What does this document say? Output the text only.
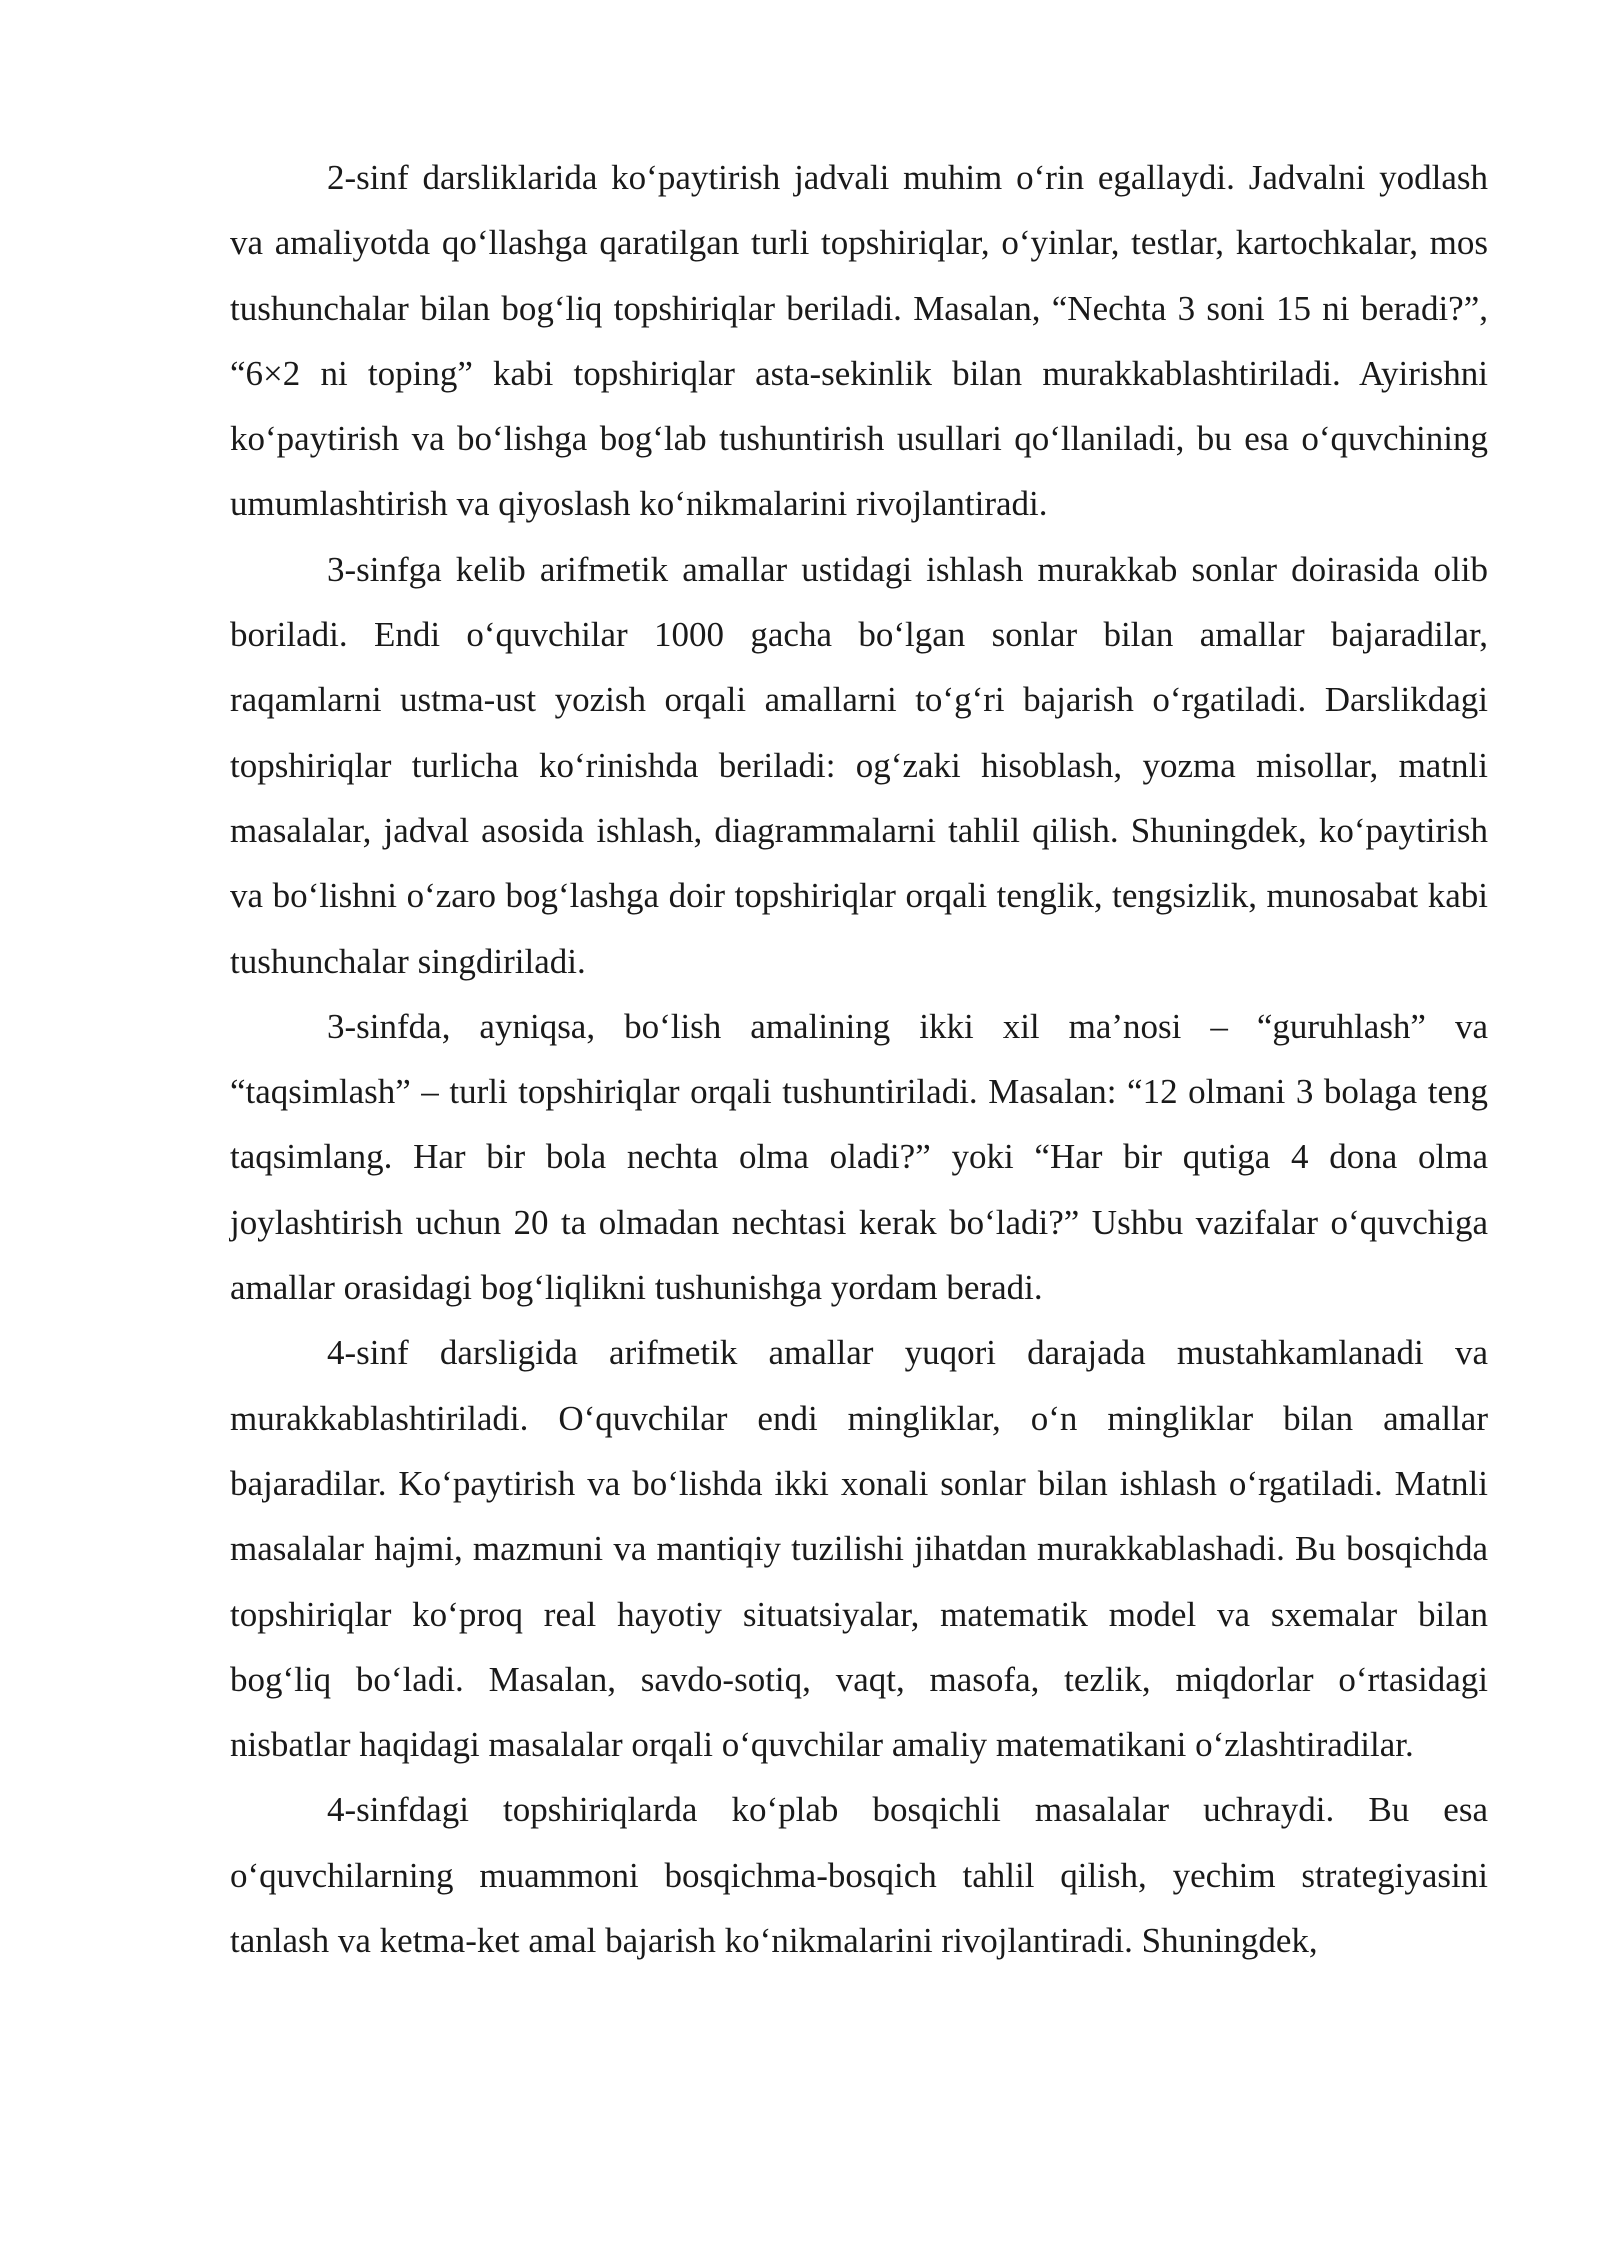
2-sinf darsliklarida ko‘paytirish jadvali muhim o‘rin egallaydi. Jadvalni yodlash va amaliyotda qo‘llashga qaratilgan turli topshiriqlar, o‘yinlar, testlar, kartochkalar, mos tushunchalar bilan bog‘liq topshiriqlar beriladi. Masalan, “Nechta 3 soni 15 ni beradi?”, “6×2 ni toping” kabi topshiriqlar asta-sekinlik bilan murakkablashtiriladi. Ayirishni ko‘paytirish va bo‘lishga bog‘lab tushuntirish usullari qo‘llaniladi, bu esa o‘quvchining umumlashtirish va qiyoslash ko‘nikmalarini rivojlantiradi.

3-sinfga kelib arifmetik amallar ustidagi ishlash murakkab sonlar doirasida olib boriladi. Endi o‘quvchilar 1000 gacha bo‘lgan sonlar bilan amallar bajaradilar, raqamlarni ustma-ust yozish orqali amallarni to‘g‘ri bajarish o‘rgatiladi. Darslikdagi topshiriqlar turlicha ko‘rinishda beriladi: og‘zaki hisoblash, yozma misollar, matnli masalalar, jadval asosida ishlash, diagrammalarni tahlil qilish. Shuningdek, ko‘paytirish va bo‘lishni o‘zaro bog‘lashga doir topshiriqlar orqali tenglik, tengsizlik, munosabat kabi tushunchalar singdiriladi.

3-sinfda, ayniqsa, bo‘lish amalining ikki xil ma’nosi – “guruhlash” va “taqsimlash” – turli topshiriqlar orqali tushuntiriladi. Masalan: “12 olmani 3 bolaga teng taqsimlang. Har bir bola nechta olma oladi?” yoki “Har bir qutiga 4 dona olma joylashtirish uchun 20 ta olmadan nechtasi kerak bo‘ladi?” Ushbu vazifalar o‘quvchiga amallar orasidagi bog‘liqlikni tushunishga yordam beradi.

4-sinf darsligida arifmetik amallar yuqori darajada mustahkamlanadi va murakkablashtiriladi. O‘quvchilar endi mingliklar, o‘n mingliklar bilan amallar bajaradilar. Ko‘paytirish va bo‘lishda ikki xonali sonlar bilan ishlash o‘rgatiladi. Matnli masalalar hajmi, mazmuni va mantiqiy tuzilishi jihatdan murakkablashadi. Bu bosqichda topshiriqlar ko‘proq real hayotiy situatsiyalar, matematik model va sxemalar bilan bog‘liq bo‘ladi. Masalan, savdo-sotiq, vaqt, masofa, tezlik, miqdorlar o‘rtasidagi nisbatlar haqidagi masalalar orqali o‘quvchilar amaliy matematikani o‘zlashtiradilar.

4-sinfdagi topshiriqlarda ko‘plab bosqichli masalalar uchraydi. Bu esa o‘quvchilarning muammoni bosqichma-bosqich tahlil qilish, yechim strategiyasini tanlash va ketma-ket amal bajarish ko‘nikmalarini rivojlantiradi. Shuningdek,
